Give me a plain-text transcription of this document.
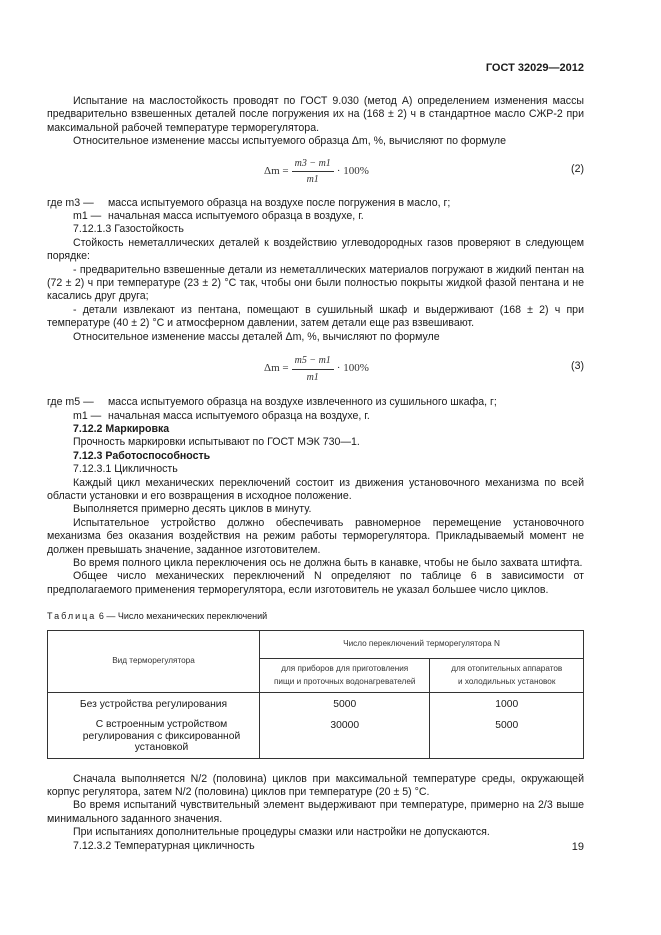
ГОСТ 32029—2012

Испытание на маслостойкость проводят по ГОСТ 9.030 (метод А) определением изменения массы предварительно взвешенных деталей после погружения их на (168 ± 2) ч в стандартное масло СЖР-2 при максимальной рабочей температуре терморегулятора.

Относительное изменение массы испытуемого образца Δm, %, вычисляют по формуле

$\Delta m = \frac{m3 - m1}{m1} \cdot 100\%$	(2)
где m3 —	масса испытуемого образца на воздухе после погружения в масло, г;
m1 — начальная масса испытуемого образца в воздухе, г.

7.12.1.3 Газостойкость

Стойкость неметаллических деталей к воздействию углеводородных газов проверяют в следующем порядке:

- предварительно взвешенные детали из неметаллических материалов погружают в жидкий пентан на (72 ± 2) ч при температуре (23 ± 2) °С так, чтобы они были полностью покрыты жидкой фазой пентана и не касались друг друга;

- детали извлекают из пентана, помещают в сушильный шкаф и выдерживают (168 ± 2) ч при температуре (40 ± 2) °С и атмосферном давлении, затем детали еще раз взвешивают.

Относительное изменение массы деталей Δm, %, вычисляют по формуле

$\Delta m = \frac{m5 - m1}{m1} \cdot 100\%$	(3)
где m5 —	масса испытуемого образца на воздухе извлеченного из сушильного шкафа, г;
m1 — начальная масса испытуемого образца на воздухе, г.

7.12.2 Маркировка

Прочность маркировки испытывают по ГОСТ МЭК 730—1.

7.12.3 Работоспособность

7.12.3.1 Цикличность

Каждый цикл механических переключений состоит из движения установочного механизма по всей области установки и его возвращения в исходное положение.

Выполняется примерно десять циклов в минуту.

Испытательное устройство должно обеспечивать равномерное перемещение установочного механизма без оказания воздействия на режим работы терморегулятора. Прикладываемый момент не должен превышать значение, заданное изготовителем.

Во время полного цикла переключения ось не должна быть в канавке, чтобы не было захвата штифта.

Общее число механических переключений N определяют по таблице 6 в зависимости от предполагаемого применения терморегулятора, если изготовитель не указал большее число циклов.

Таблица 6 — Число механических переключений
Вид терморегулятора	Число переключений терморегулятора N	
	для приборов для приготовления пищи и проточных водонагревателей	для отопительных аппаратов и холодильных установок
Без устройства регулирования	5000	1000
С встроенным устройством регулирования с фиксированной установкой	30000	5000

Сначала выполняется N/2 (половина) циклов при максимальной температуре среды, окружающей корпус регулятора, затем N/2 (половина) циклов при температуре (20 ± 5) °С.

Во время испытаний чувствительный элемент выдерживают при температуре, примерно на 2/3 выше минимального заданного значения.

При испытаниях дополнительные процедуры смазки или настройки не допускаются.

7.12.3.2 Температурная цикличность	19
